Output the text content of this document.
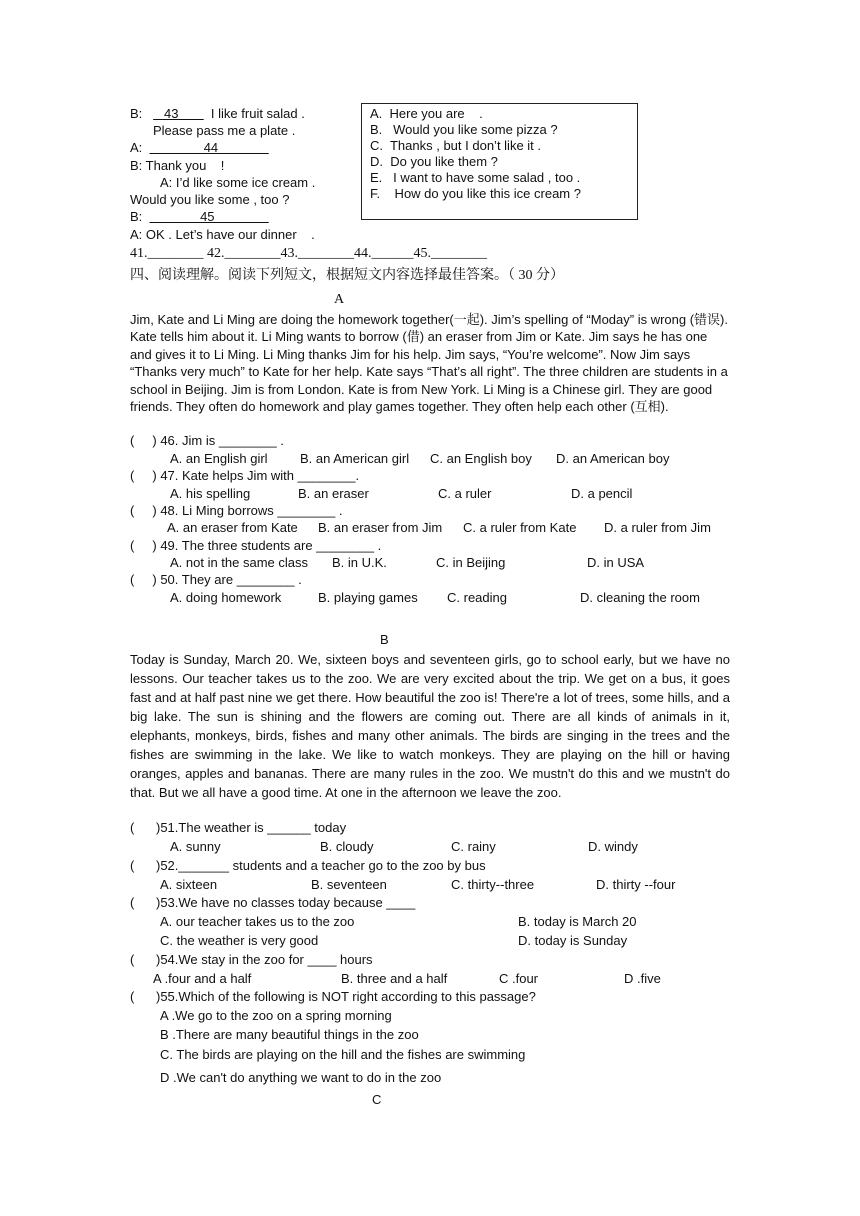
B:      43         I like fruit salad .
Please pass me a plate .
A:                 44
B: Thank you    !
A: I’d like some ice cream .
Would you like some , too ?
B:                45
A: OK . Let’s have our dinner    .
41.________ 42.________43.________44.______45.________
A.  Here you are    .
B.   Would you like some pizza ?
C.  Thanks , but I don’t like it .
D.  Do you like them ?
E.   I want to have some salad , too .
F.    How do you like this ice cream ?
四、阅读理解。阅读下列短文，根据短文内容选择最佳答案。（ 30 分）
A
Jim, Kate and Li Ming are doing the homework together(一起). Jim’s spelling of “Moday” is wrong (错误). Kate tells him about it. Li Ming wants to borrow (借) an eraser from Jim or Kate. Jim says he has one and gives it to Li Ming. Li Ming thanks Jim for his help. Jim says, “You’re welcome”. Now Jim says “Thanks very much” to Kate for her help. Kate says “That’s all right”. The three children are students in a school in Beijing. Jim is from London. Kate is from New York. Li Ming is a Chinese girl. They are good friends. They often do homework and play games together. They often help each other (互相).
(     ) 46. Jim is ________ .
A. an English girl B. an American girl C. an English boy D. an American boy
(     ) 47. Kate helps Jim with ________.
A. his spelling	B. an eraser	C. a ruler	D. a pencil
(     ) 48. Li Ming borrows ________ .
A. an eraser from Kate B. an eraser from Jim C. a ruler from Kate D. a ruler from Jim
(     ) 49. The three students are ________ .
A. not in the same class B. in U.K.	C. in Beijing	D. in USA
(     ) 50. They are ________ .
A. doing homework	B. playing games C. reading	D. cleaning the room
B
Today is Sunday, March 20. We, sixteen boys and seventeen girls, go to school early, but we have no lessons. Our teacher takes us to the zoo. We are very excited about the trip. We get on a bus, it goes fast and at half past nine we get there. How beautiful the zoo is! There're a lot of trees, some hills, and a big lake. The sun is shining and the flowers are coming out. There are all kinds of animals in it, elephants, monkeys, birds, fishes and many other animals. The birds are singing in the trees and the fishes are swimming in the lake. We like to watch monkeys. They are playing on the hill or having oranges, apples and bananas. There are many rules in the zoo. We mustn't do this and we mustn't do that. But we all have a good time. At one in the afternoon we leave the zoo.
(      )51.The weather is ______ today
A. sunny	B. cloudy	C. rainy	D. windy
(      )52._______ students and a teacher go to the zoo by bus
A. sixteen	B. seventeen	C. thirty--three	D. thirty --four
(      )53.We have no classes today because ____
A. our teacher takes us to the zoo	B. today is March 20
C. the weather is very good	D. today is Sunday
(      )54.We stay in the zoo for ____ hours
A .four and a half	B. three and a half	C .four	D .five
(      )55.Which of the following is NOT right according to this passage?
A .We go to the zoo on a spring morning
B .There are many beautiful things in the zoo
C. The birds are playing on the hill and the fishes are swimming
D .We can't do anything we want to do in the zoo
C
